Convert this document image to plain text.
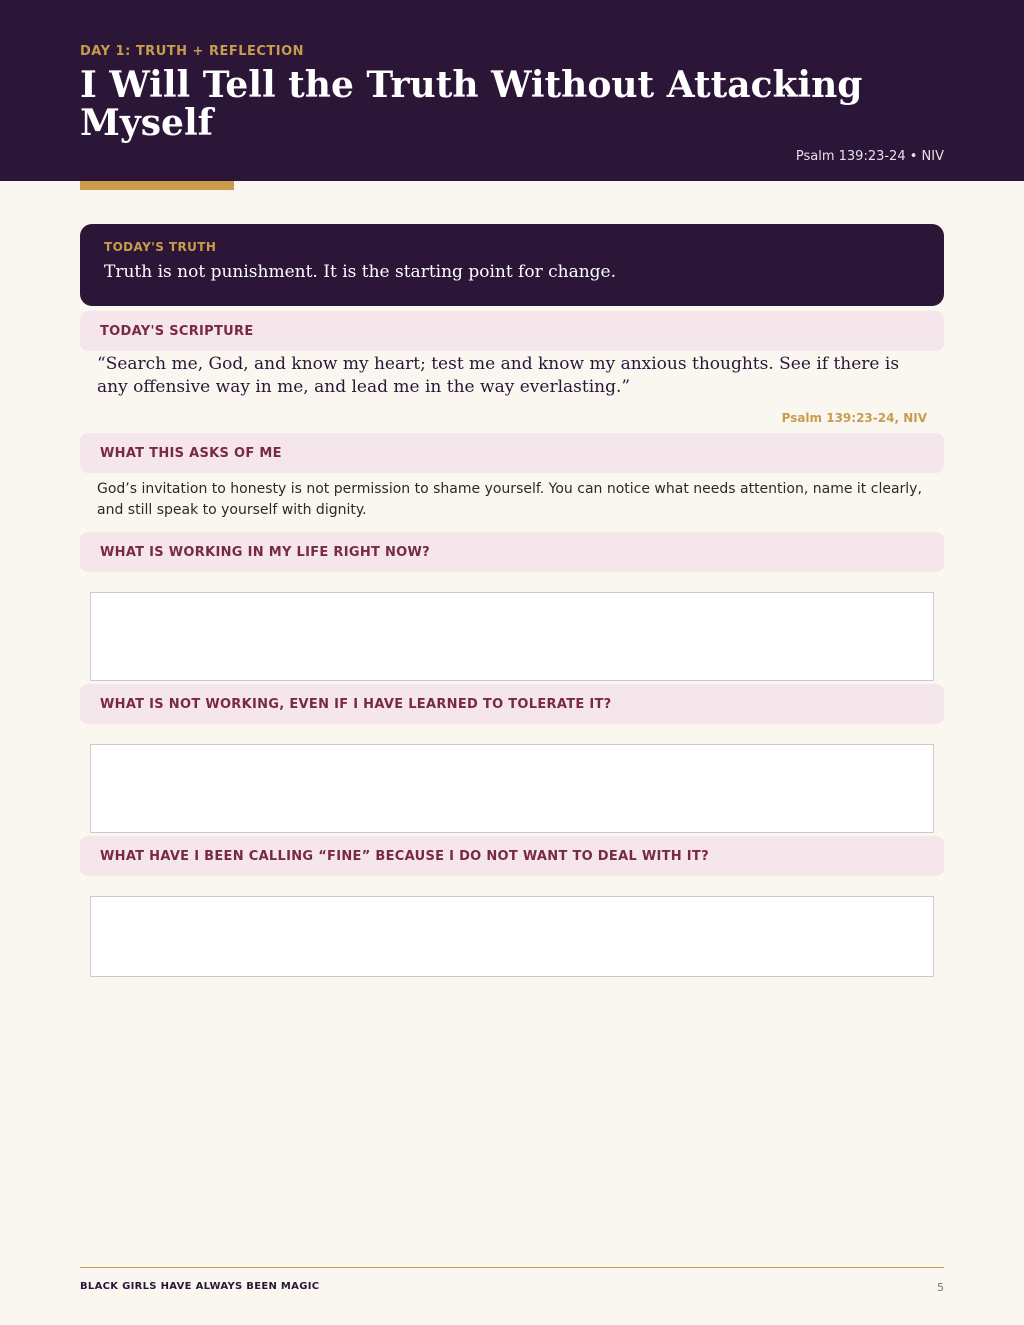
DAY 1: TRUTH + REFLECTION
I Will Tell the Truth Without Attacking Myself
Psalm 139:23-24 • NIV
TODAY'S TRUTH
Truth is not punishment. It is the starting point for change.
TODAY'S SCRIPTURE
“Search me, God, and know my heart; test me and know my anxious thoughts. See if there is any offensive way in me, and lead me in the way everlasting.”
Psalm 139:23-24, NIV
WHAT THIS ASKS OF ME
God’s invitation to honesty is not permission to shame yourself. You can notice what needs attention, name it clearly, and still speak to yourself with dignity.
WHAT IS WORKING IN MY LIFE RIGHT NOW?
WHAT IS NOT WORKING, EVEN IF I HAVE LEARNED TO TOLERATE IT?
WHAT HAVE I BEEN CALLING “FINE” BECAUSE I DO NOT WANT TO DEAL WITH IT?
BLACK GIRLS HAVE ALWAYS BEEN MAGIC	5
